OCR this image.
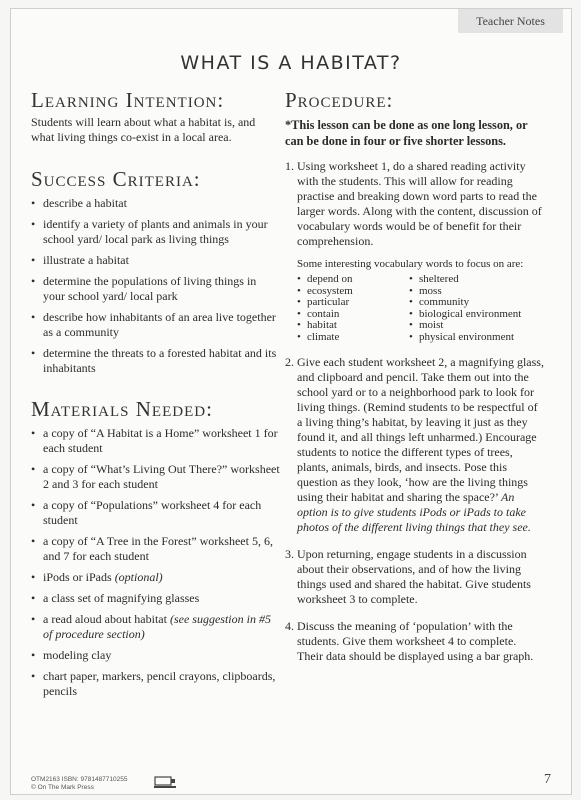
Teacher Notes
WHAT IS A HABITAT?
Learning Intention:

Students will learn about what a habitat is, and what living things co-exist in a local area.

Success Criteria:
• describe a habitat
• identify a variety of plants and animals in your school yard/ local park as living things
• illustrate a habitat
• determine the populations of living things in your school yard/ local park
• describe how inhabitants of an area live together as a community
• determine the threats to a forested habitat and its inhabitants
Materials Needed:
• a copy of “A Habitat is a Home” worksheet 1 for each student
• a copy of “What’s Living Out There?” worksheet 2 and 3 for each student
• a copy of “Populations” worksheet 4 for each student
• a copy of “A Tree in the Forest” worksheet 5, 6, and 7 for each student
• iPods or iPads (optional)
• a class set of magnifying glasses
• a read aloud about habitat (see suggestion in #5 of procedure section)
• modeling clay
• chart paper, markers, pencil crayons, clipboards, pencils
Procedure:

*This lesson can be done as one long lesson, or can be done in four or five shorter lessons.

1. Using worksheet 1, do a shared reading activity with the students. This will allow for reading practise and breaking down word parts to read the larger words. Along with the content, discussion of vocabulary words would be of benefit for their comprehension.
Some interesting vocabulary words to focus on are:
• depend on	• sheltered
• ecosystem	• moss
• particular	• community
• contain	• biological environment
• habitat	• moist
• climate	• physical environment
2. Give each student worksheet 2, a magnifying glass, and clipboard and pencil. Take them out into the school yard or to a neighborhood park to look for living things. (Remind students to be respectful of a living thing’s habitat, by leaving it just as they found it, and all things left unharmed.) Encourage students to notice the different types of trees, plants, animals, birds, and insects. Pose this question as they look, ‘how are the living things using their habitat and sharing the space?’ An option is to give students iPods or iPads to take photos of the different living things that they see.
3. Upon returning, engage students in a discussion about their observations, and of how the living things used and shared the habitat. Give students worksheet 3 to complete.
4. Discuss the meaning of ‘population’ with the students. Give them worksheet 4 to complete. Their data should be displayed using a bar graph.
OTM2163 ISBN: 9781487710255
© On The Mark Press
7
